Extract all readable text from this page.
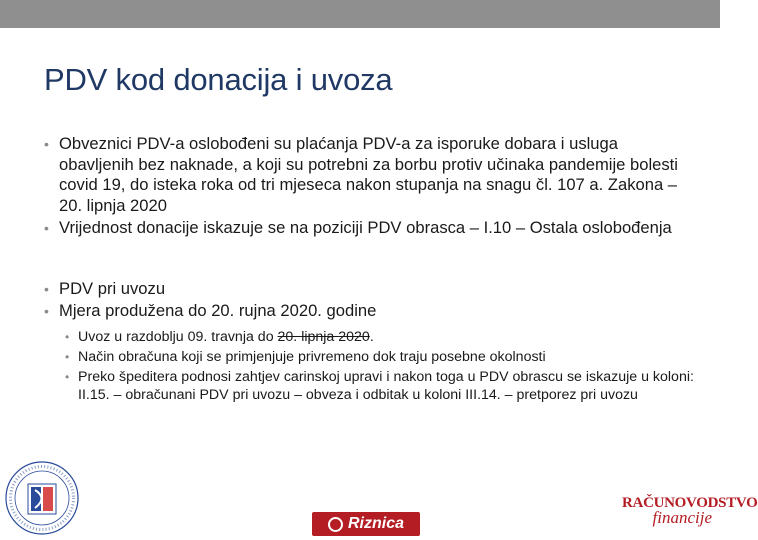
PDV kod donacija i uvoza
• Obveznici PDV-a oslobođeni su plaćanja PDV-a za isporuke dobara i usluga obavljenih bez naknade, a koji su potrebni za borbu protiv učinaka pandemije bolesti covid 19, do isteka roka od tri mjeseca nakon stupanja na snagu čl. 107 a. Zakona – 20. lipnja 2020
• Vrijednost donacije iskazuje se na poziciji PDV obrasca – I.10 – Ostala oslobođenja
• PDV pri uvozu
• Mjera produžena do 20. rujna 2020. godine
• Uvoz u razdoblju 09. travnja do 20. lipnja 2020.
• Način obračuna koji se primjenjuje privremeno dok traju posebne okolnosti
• Preko špeditera podnosi zahtjev carinskoj upravi i nakon toga u PDV obrascu se iskazuje u koloni: II.15. – obračunani PDV pri uvozu – obveza i odbitak u koloni III.14. – pretporez pri uvozu
Riznica
RAČUNOVODSTVO
financije
